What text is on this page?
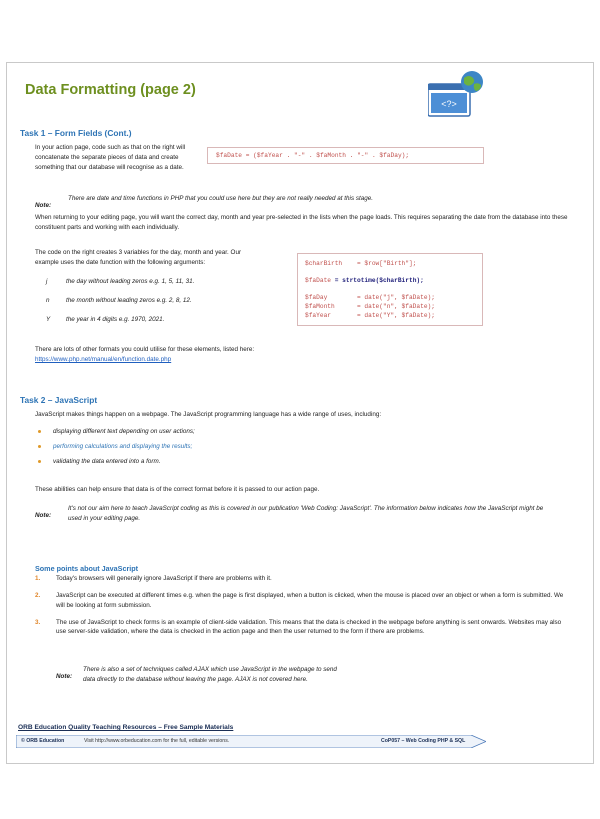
Data Formatting (page 2)
<?>
Task 1 – Form Fields (Cont.)
In your action page, code such as that on the right will concatenate the separate pieces of data and create something that our database will recognise as a date.
$faDate = ($faYear . "-" . $faMonth . "-" . $faDay);
Note:
There are date and time functions in PHP that you could use here but they are not really needed at this stage.
When returning to your editing page, you will want the correct day, month and year pre-selected in the lists when the page loads. This requires separating the date from the database into these constituent parts and working with each individually.
The code on the right creates 3 variables for the day, month and year. Our example uses the date function with the following arguments:
j	the day without leading zeros e.g. 1, 5, 11, 31.
n	the month without leading zeros e.g. 2, 8, 12.
Y	the year in 4 digits e.g. 1970, 2021.
$charBirth    = $row["Birth"];
$faDate = strtotime($charBirth);
$faDay        = date("j", $faDate);
$faMonth      = date("n", $faDate);
$faYear       = date("Y", $faDate);
There are lots of other formats you could utilise for these elements, listed here:
https://www.php.net/manual/en/function.date.php
Task 2 – JavaScript
JavaScript makes things happen on a webpage. The JavaScript programming language has a wide range of uses, including:
displaying different text depending on user actions;
performing calculations and displaying the results;
validating the data entered into a form.
These abilities can help ensure that data is of the correct format before it is passed to our action page.
Note:
It's not our aim here to teach JavaScript coding as this is covered in our publication 'Web Coding: JavaScript'. The information below indicates how the JavaScript might be used in your editing page.
Some points about JavaScript
1. Today's browsers will generally ignore JavaScript if there are problems with it.
2. JavaScript can be executed at different times e.g. when the page is first displayed, when a button is clicked, when the mouse is placed over an object or when a form is submitted. We will be looking at form submission.
3. The use of JavaScript to check forms is an example of client-side validation. This means that the data is checked in the webpage before anything is sent onwards. Websites may also use server-side validation, where the data is checked in the action page and then the user returned to the form if there are problems.
Note:
There is also a set of techniques called AJAX which use JavaScript in the webpage to send data directly to the database without leaving the page. AJAX is not covered here.
ORB Education Quality Teaching Resources – Free Sample Materials
© ORB Education	Visit http://www.orbeducation.com for the full, editable versions.	CoP057 – Web Coding PHP & SQL
